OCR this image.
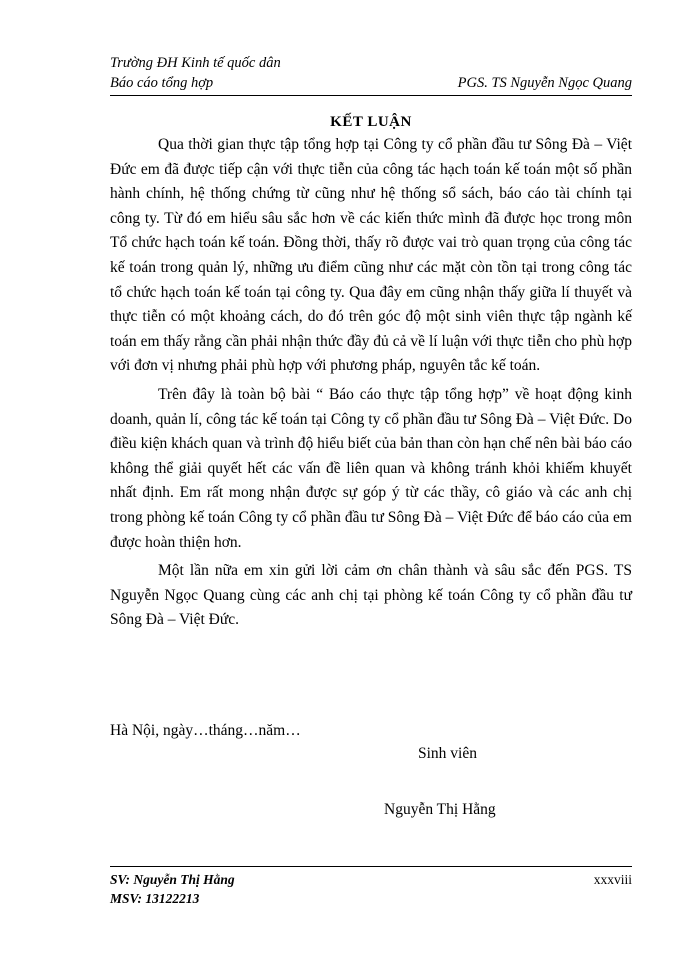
Trường ĐH Kinh tế quốc dân
Báo cáo tổng hợp	PGS. TS Nguyễn Ngọc Quang
KẾT LUẬN

Qua thời gian thực tập tổng hợp tại Công ty cổ phần đầu tư Sông Đà – Việt Đức em đã được tiếp cận với thực tiễn của công tác hạch toán kế toán một số phần hành chính, hệ thống chứng từ cũng như hệ thống sổ sách, báo cáo tài chính tại công ty. Từ đó em hiểu sâu sắc hơn về các kiến thức mình đã được học trong môn Tổ chức hạch toán kế toán. Đồng thời, thấy rõ được vai trò quan trọng của công tác kế toán trong quản lý, những ưu điểm cũng như các mặt còn tồn tại trong công tác tổ chức hạch toán kế toán tại công ty. Qua đây em cũng nhận thấy giữa lí thuyết và thực tiễn có một khoảng cách, do đó trên góc độ một sinh viên thực tập ngành kế toán em thấy rằng cần phải nhận thức đầy đủ cả về lí luận với thực tiễn cho phù hợp với đơn vị nhưng phải phù hợp với phương pháp, nguyên tắc kế toán.

Trên đây là toàn bộ bài “ Báo cáo thực tập tổng hợp” về hoạt động kinh doanh, quản lí, công tác kế toán tại Công ty cổ phần đầu tư Sông Đà – Việt Đức. Do điều kiện khách quan và trình độ hiểu biết của bản than còn hạn chế nên bài báo cáo không thể giải quyết hết các vấn đề liên quan và không tránh khỏi khiếm khuyết nhất định. Em rất mong nhận được sự góp ý từ các thầy, cô giáo và các anh chị trong phòng kế toán Công ty cổ phần đầu tư Sông Đà – Việt Đức để báo cáo của em được hoàn thiện hơn.

Một lần nữa em xin gửi lời cảm ơn chân thành và sâu sắc đến PGS. TS Nguyễn Ngọc Quang cùng các anh chị tại phòng kế toán Công ty cổ phần đầu tư Sông Đà – Việt Đức.

Hà Nội, ngày…tháng…năm…
Sinh viên
Nguyễn Thị Hằng
SV: Nguyễn Thị Hằng	xxxviii
MSV: 13122213
